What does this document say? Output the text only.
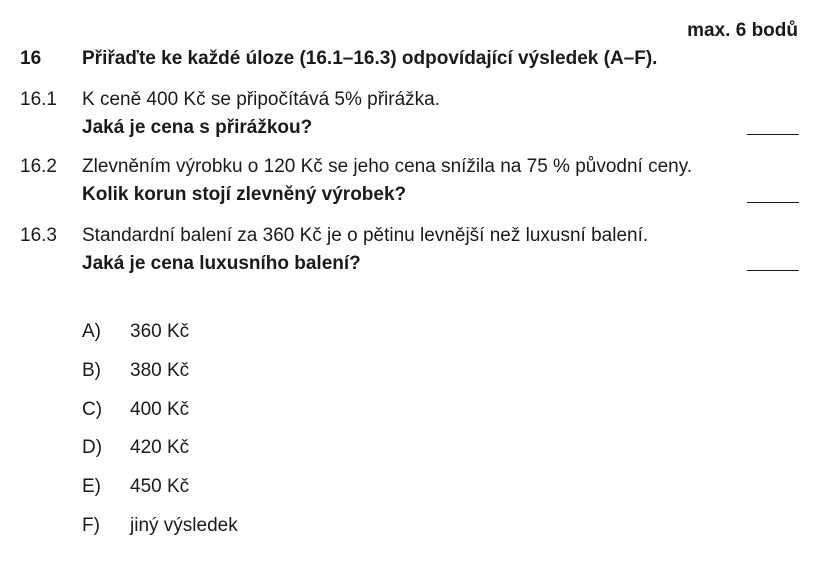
max. 6 bodů
16 Přiřaďte ke každé úloze (16.1–16.3) odpovídající výsledek (A–F).
16.1 K ceně 400 Kč se připočítává 5% přirážka.
Jaká je cena s přirážkou?
16.2 Zlevněním výrobku o 120 Kč se jeho cena snížila na 75 % původní ceny.
Kolik korun stojí zlevněný výrobek?
16.3 Standardní balení za 360 Kč je o pětinu levnější než luxusní balení.
Jaká je cena luxusního balení?
A) 360 Kč
B) 380 Kč
C) 400 Kč
D) 420 Kč
E) 450 Kč
F) jiný výsledek
